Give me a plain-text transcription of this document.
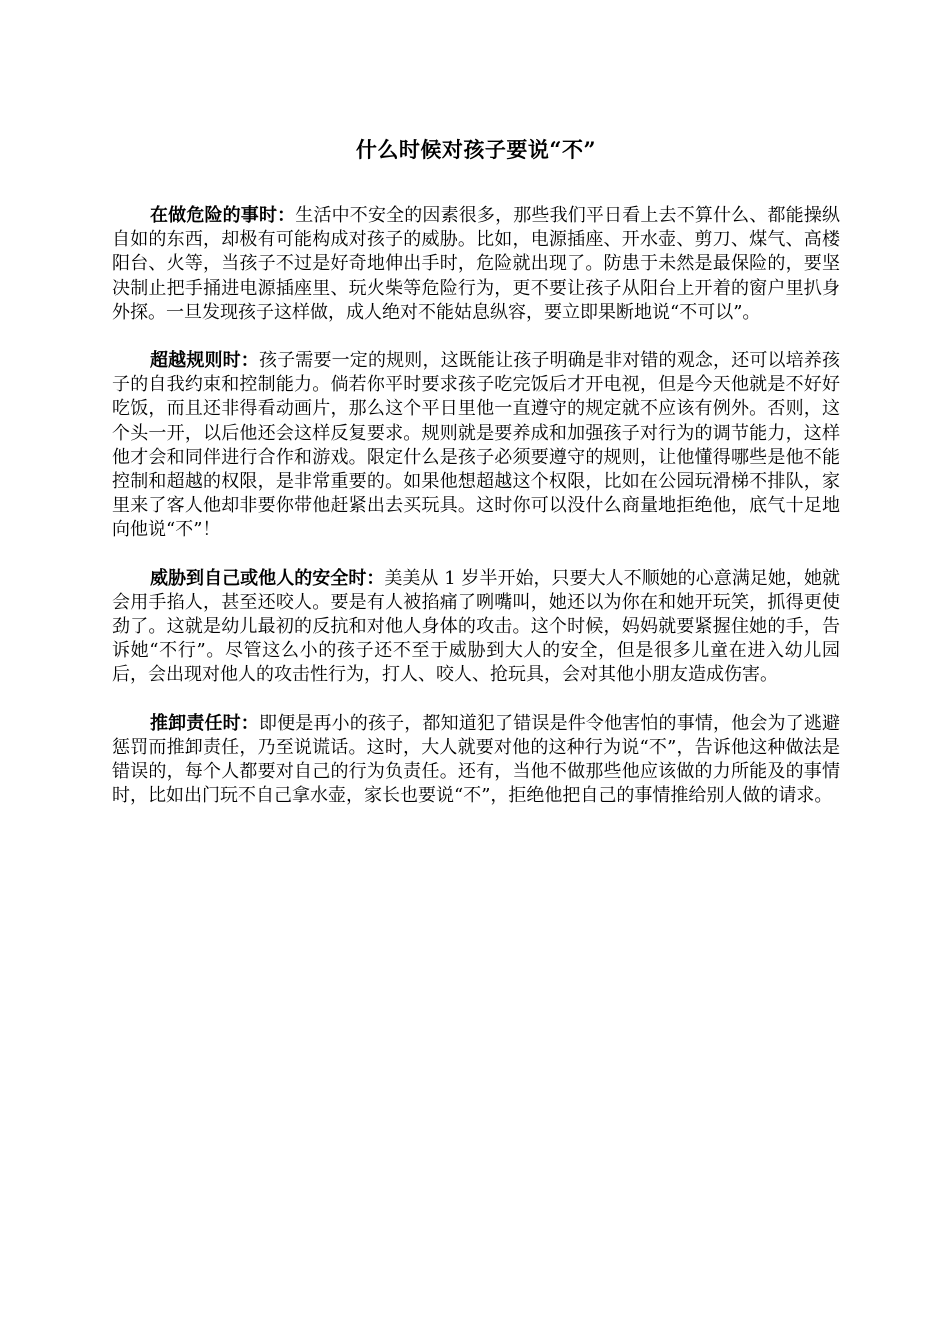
什么时候对孩子要说“不”

在做危险的事时：生活中不安全的因素很多，那些我们平日看上去不算什么、都能操纵自如的东西，却极有可能构成对孩子的威胁。比如，电源插座、开水壶、剪刀、煤气、高楼阳台、火等，当孩子不过是好奇地伸出手时，危险就出现了。防患于未然是最保险的，要坚决制止把手捅进电源插座里、玩火柴等危险行为，更不要让孩子从阳台上开着的窗户里扒身外探。一旦发现孩子这样做，成人绝对不能姑息纵容，要立即果断地说“不可以”。

超越规则时：孩子需要一定的规则，这既能让孩子明确是非对错的观念，还可以培养孩子的自我约束和控制能力。倘若你平时要求孩子吃完饭后才开电视，但是今天他就是不好好吃饭，而且还非得看动画片，那么这个平日里他一直遵守的规定就不应该有例外。否则，这个头一开，以后他还会这样反复要求。规则就是要养成和加强孩子对行为的调节能力，这样他才会和同伴进行合作和游戏。限定什么是孩子必须要遵守的规则，让他懂得哪些是他不能控制和超越的权限，是非常重要的。如果他想超越这个权限，比如在公园玩滑梯不排队，家里来了客人他却非要你带他赶紧出去买玩具。这时你可以没什么商量地拒绝他，底气十足地向他说“不”！

威胁到自己或他人的安全时：美美从 1 岁半开始，只要大人不顺她的心意满足她，她就会用手掐人，甚至还咬人。要是有人被掐痛了咧嘴叫，她还以为你在和她开玩笑，抓得更使劲了。这就是幼儿最初的反抗和对他人身体的攻击。这个时候，妈妈就要紧握住她的手，告诉她“不行”。尽管这么小的孩子还不至于威胁到大人的安全，但是很多儿童在进入幼儿园后，会出现对他人的攻击性行为，打人、咬人、抢玩具，会对其他小朋友造成伤害。

推卸责任时：即便是再小的孩子，都知道犯了错误是件令他害怕的事情，他会为了逃避惩罚而推卸责任，乃至说谎话。这时，大人就要对他的这种行为说“不”，告诉他这种做法是错误的，每个人都要对自己的行为负责任。还有，当他不做那些他应该做的力所能及的事情时，比如出门玩不自己拿水壶，家长也要说“不”，拒绝他把自己的事情推给别人做的请求。
